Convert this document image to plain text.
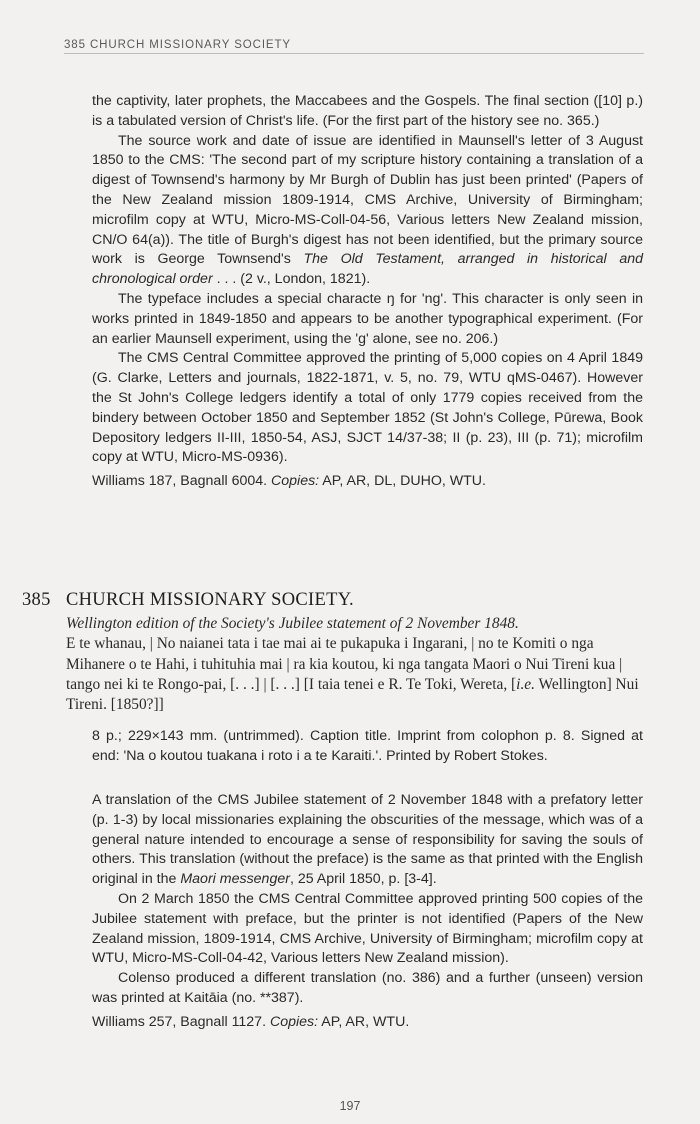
385 CHURCH MISSIONARY SOCIETY

the captivity, later prophets, the Maccabees and the Gospels. The final section ([10] p.) is a tabulated version of Christ's life. (For the first part of the history see no. 365.)

The source work and date of issue are identified in Maunsell's letter of 3 August 1850 to the CMS: 'The second part of my scripture history containing a translation of a digest of Townsend's harmony by Mr Burgh of Dublin has just been printed' (Papers of the New Zealand mission 1809-1914, CMS Archive, University of Birmingham; microfilm copy at WTU, Micro-MS-Coll-04-56, Various letters New Zealand mission, CN/O 64(a)). The title of Burgh's digest has not been identified, but the primary source work is George Townsend's The Old Testament, arranged in historical and chronological order . . . (2 v., London, 1821).

The typeface includes a special characte ŋ for 'ng'. This character is only seen in works printed in 1849-1850 and appears to be another typographical experiment. (For an earlier Maunsell experiment, using the 'g' alone, see no. 206.)

The CMS Central Committee approved the printing of 5,000 copies on 4 April 1849 (G. Clarke, Letters and journals, 1822-1871, v. 5, no. 79, WTU qMS-0467). However the St John's College ledgers identify a total of only 1779 copies received from the bindery between October 1850 and September 1852 (St John's College, Pūrewa, Book Depository ledgers II-III, 1850-54, ASJ, SJCT 14/37-38; II (p. 23), III (p. 71); microfilm copy at WTU, Micro-MS-0936).

Williams 187, Bagnall 6004. Copies: AP, AR, DL, DUHO, WTU.

385 CHURCH MISSIONARY SOCIETY.

Wellington edition of the Society's Jubilee statement of 2 November 1848.

E te whanau, | No naianei tata i tae mai ai te pukapuka i Ingarani, | no te Komiti o nga Mihanere o te Hahi, i tuhituhia mai | ra kia koutou, ki nga tangata Maori o Nui Tireni kua | tango nei ki te Rongo-pai, [. . .] | [. . .] [I taia tenei e R. Te Toki, Wereta, [i.e. Wellington] Nui Tireni. [1850?]]

8 p.; 229×143 mm. (untrimmed). Caption title. Imprint from colophon p. 8. Signed at end: 'Na o koutou tuakana i roto i a te Karaiti.'. Printed by Robert Stokes.

A translation of the CMS Jubilee statement of 2 November 1848 with a prefatory letter (p. 1-3) by local missionaries explaining the obscurities of the message, which was of a general nature intended to encourage a sense of responsibility for saving the souls of others. This translation (without the preface) is the same as that printed with the English original in the Maori messenger, 25 April 1850, p. [3-4].

On 2 March 1850 the CMS Central Committee approved printing 500 copies of the Jubilee statement with preface, but the printer is not identified (Papers of the New Zealand mission, 1809-1914, CMS Archive, University of Birmingham; microfilm copy at WTU, Micro-MS-Coll-04-42, Various letters New Zealand mission).

Colenso produced a different translation (no. 386) and a further (unseen) version was printed at Kaitāia (no. **387).

Williams 257, Bagnall 1127. Copies: AP, AR, WTU.

197
